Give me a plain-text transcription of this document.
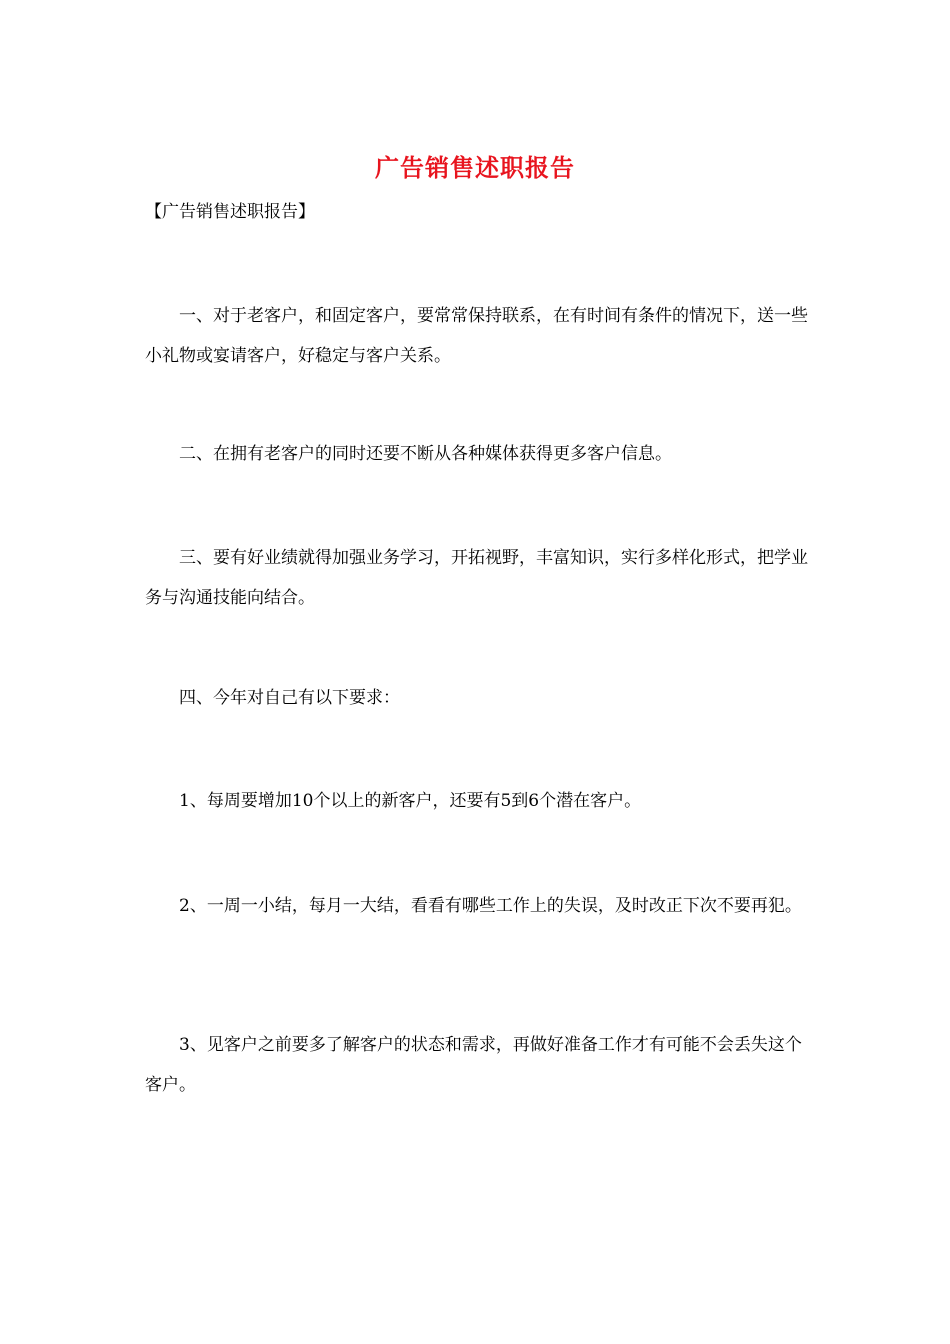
广告销售述职报告
【广告销售述职报告】
一、对于老客户，和固定客户，要常常保持联系，在有时间有条件的情况下，送一些小礼物或宴请客户，好稳定与客户关系。
二、在拥有老客户的同时还要不断从各种媒体获得更多客户信息。
三、要有好业绩就得加强业务学习，开拓视野，丰富知识，实行多样化形式，把学业务与沟通技能向结合。
四、今年对自己有以下要求：
1、每周要增加10个以上的新客户，还要有5到6个潜在客户。
2、一周一小结，每月一大结，看看有哪些工作上的失误，及时改正下次不要再犯。
3、见客户之前要多了解客户的状态和需求，再做好准备工作才有可能不会丢失这个客户。
